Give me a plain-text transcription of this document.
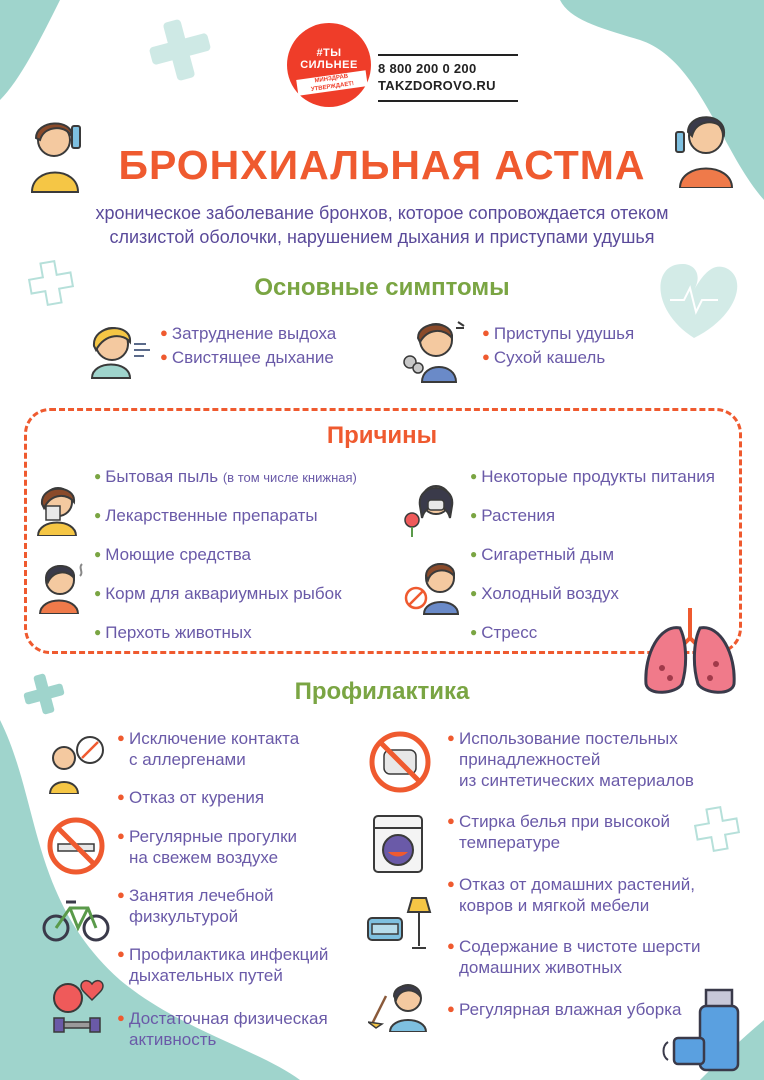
#ТЫ
СИЛЬНЕЕ
МИНЗДРАВ УТВЕРЖДАЕТ!
8 800 200 0 200
TAKZDOROVO.RU
БРОНХИАЛЬНАЯ АСТМА
хроническое заболевание бронхов, которое сопровождается отеком
слизистой оболочки, нарушением дыхания и приступами удушья
Основные симптомы
● Затруднение выдоха
● Свистящее дыхание
● Приступы удушья
● Сухой кашель
Причины
● Бытовая пыль (в том числе книжная)
● Лекарственные препараты
● Моющие средства
● Корм для аквариумных рыбок
● Перхоть животных
● Некоторые продукты питания
● Растения
● Сигаретный дым
● Холодный воздух
● Стресс
Профилактика
● Исключение контакта
с аллергенами
● Отказ от курения
● Регулярные прогулки
на свежем воздухе
● Занятия лечебной
физкультурой
● Профилактика инфекций
дыхательных путей
● Достаточная физическая
активность
● Использование постельных
принадлежностей
из синтетических материалов
● Стирка белья при высокой
температуре
● Отказ от домашних растений,
ковров и мягкой мебели
● Содержание в чистоте шерсти
домашних животных
● Регулярная влажная уборка
